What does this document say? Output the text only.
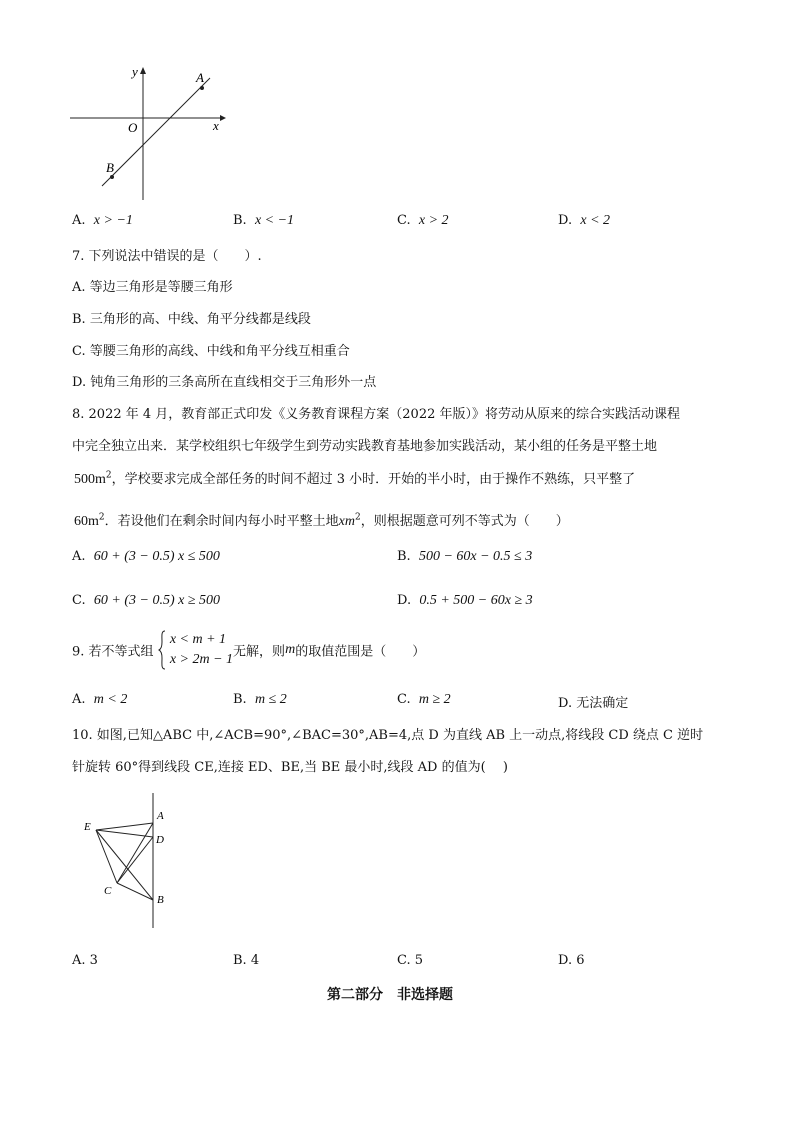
y
x
O
A
B
A. x > −1	B. x < −1	C. x > 2	D. x < 2
7. 下列说法中错误的是（　　）.
A. 等边三角形是等腰三角形
B. 三角形的高、中线、角平分线都是线段
C. 等腰三角形的高线、中线和角平分线互相重合
D. 钝角三角形的三条高所在直线相交于三角形外一点
8. 2022 年 4 月，教育部正式印发《义务教育课程方案（2022 年版）》将劳动从原来的综合实践活动课程
中完全独立出来．某学校组织七年级学生到劳动实践教育基地参加实践活动，某小组的任务是平整土地
$500m^2$，学校要求完成全部任务的时间不超过 3 小时．开始的半小时，由于操作不熟练，只平整了
$60m^2$．若设他们在剩余时间内每小时平整土地$xm^2$，则根据题意可列不等式为（　　）
A. 60 + (3 − 0.5) x ≤ 500	B. 500 − 60x − 0.5 ≤ 3
C. 60 + (3 − 0.5) x ≥ 500	D. 0.5 + 500 − 60x ≥ 3
9. 若不等式组  x < m + 1
x > 2m − 1无解，则m的取值范围是（　　）
A. m < 2	B. m ≤ 2	C. m ≥ 2	D. 无法确定
10. 如图,已知△ABC 中,∠ACB=90°,∠BAC=30°,AB=4,点 D 为直线 AB 上一动点,将线段 CD 绕点 C 逆时
针旋转 60°得到线段 CE,连接 ED、BE,当 BE 最小时,线段 AD 的值为(　 )
E
A
D
C
B
A. 3	B. 4	C. 5	D. 6
第二部分　非选择题
